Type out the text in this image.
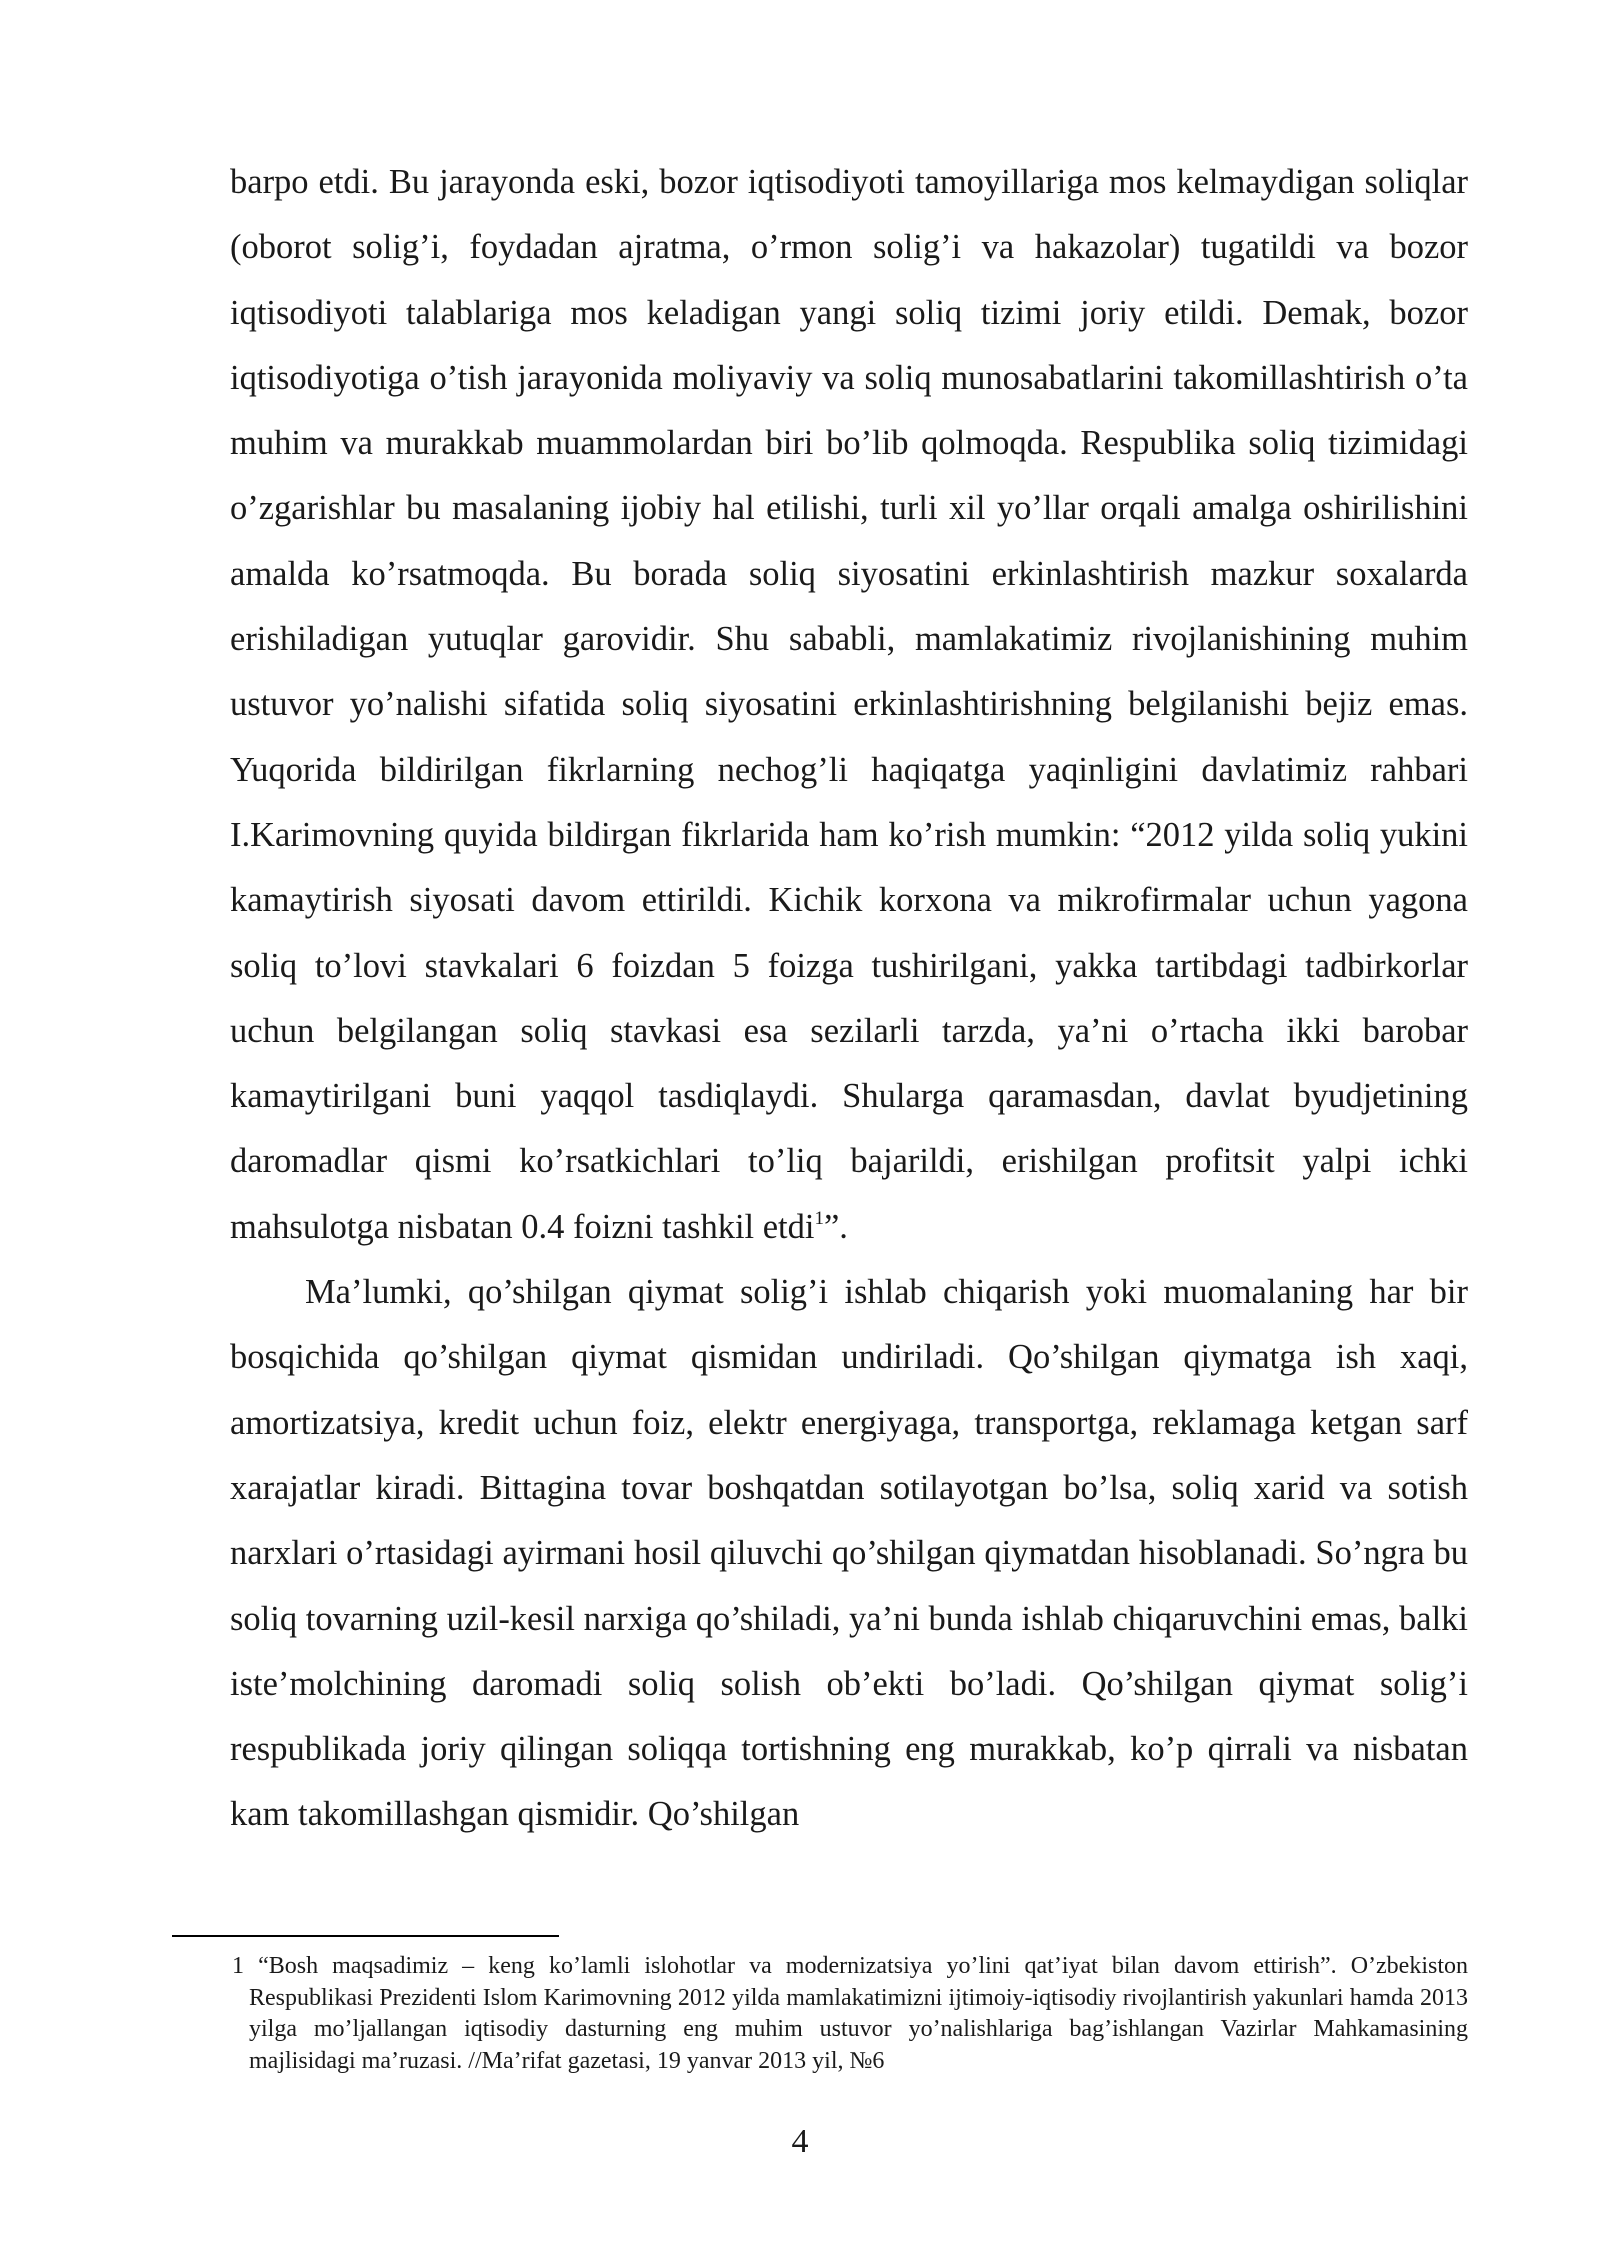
barpo etdi. Bu jarayonda eski, bozor iqtisodiyoti tamoyillariga mos kelmaydigan soliqlar (oborot solig’i, foydadan ajratma, o’rmon solig’i va hakazolar) tugatildi va bozor iqtisodiyoti talablariga mos keladigan yangi soliq tizimi joriy etildi. Demak, bozor iqtisodiyotiga o’tish jarayonida moliyaviy va soliq munosabatlarini takomillashtirish o’ta muhim va murakkab muammolardan biri bo’lib qolmoqda. Respublika soliq tizimidagi o’zgarishlar bu masalaning ijobiy hal etilishi, turli xil yo’llar orqali amalga oshirilishini amalda ko’rsatmoqda. Bu borada soliq siyosatini erkinlashtirish mazkur soxalarda erishiladigan yutuqlar garovidir. Shu sababli, mamlakatimiz rivojlanishining muhim ustuvor yo’nalishi sifatida soliq siyosatini erkinlashtirishning belgilanishi bejiz emas. Yuqorida bildirilgan fikrlarning nechog’li haqiqatga yaqinligini davlatimiz rahbari I.Karimovning quyida bildirgan fikrlarida ham ko’rish mumkin: “2012 yilda soliq yukini kamaytirish siyosati davom ettirildi. Kichik korxona va mikrofirmalar uchun yagona soliq to’lovi stavkalari 6 foizdan 5 foizga tushirilgani, yakka tartibdagi tadbirkorlar uchun belgilangan soliq stavkasi esa sezilarli tarzda, ya’ni o’rtacha ikki barobar kamaytirilgani buni yaqqol tasdiqlaydi. Shularga qaramasdan, davlat byudjetining daromadlar qismi ko’rsatkichlari to’liq bajarildi, erishilgan profitsit yalpi ichki mahsulotga nisbatan 0.4 foizni tashkil etdi$^1$”.

Ma’lumki, qo’shilgan qiymat solig’i ishlab chiqarish yoki muomalaning har bir bosqichida qo’shilgan qiymat qismidan undiriladi. Qo’shilgan qiymatga ish xaqi, amortizatsiya, kredit uchun foiz, elektr energiyaga, transportga, reklamaga ketgan sarf xarajatlar kiradi. Bittagina tovar boshqatdan sotilayotgan bo’lsa, soliq xarid va sotish narxlari o’rtasidagi ayirmani hosil qiluvchi qo’shilgan qiymatdan hisoblanadi. So’ngra bu soliq tovarning uzil-kesil narxiga qo’shiladi, ya’ni bunda ishlab chiqaruvchini emas, balki iste’molchining daromadi soliq solish ob’ekti bo’ladi. Qo’shilgan qiymat solig’i respublikada joriy qilingan soliqqa tortishning eng murakkab, ko’p qirrali va nisbatan kam takomillashgan qismidir. Qo’shilgan

1 “Bosh maqsadimiz – keng ko’lamli islohotlar va modernizatsiya yo’lini qat’iyat bilan davom ettirish”. O’zbekiston Respublikasi Prezidenti Islom Karimovning 2012 yilda mamlakatimizni ijtimoiy-iqtisodiy rivojlantirish yakunlari hamda 2013 yilga mo’ljallangan iqtisodiy dasturning eng muhim ustuvor yo’nalishlariga bag’ishlangan Vazirlar Mahkamasining majlisidagi ma’ruzasi. //Ma’rifat gazetasi, 19 yanvar 2013 yil, №6
4
